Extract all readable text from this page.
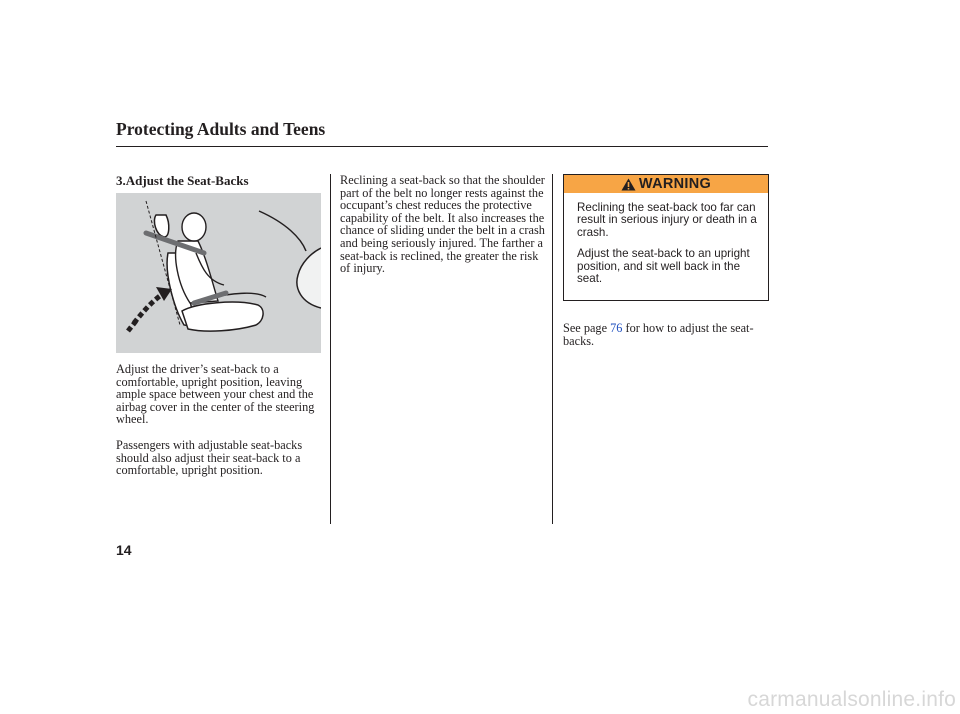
Protecting Adults and Teens
3.Adjust the Seat-Backs

Adjust the driver’s seat-back to a comfortable, upright position, leaving ample space between your chest and the airbag cover in the center of the steering wheel.

Passengers with adjustable seat-backs should also adjust their seat-back to a comfortable, upright position.

Reclining a seat-back so that the shoulder part of the belt no longer rests against the occupant’s chest reduces the protective capability of the belt. It also increases the chance of sliding under the belt in a crash and being seriously injured. The farther a seat-back is reclined, the greater the risk of injury.

WARNING

Reclining the seat-back too far can result in serious injury or death in a crash.

Adjust the seat-back to an upright position, and sit well back in the seat.

See page 76 for how to adjust the seat-backs.

14

carmanualsonline.info
